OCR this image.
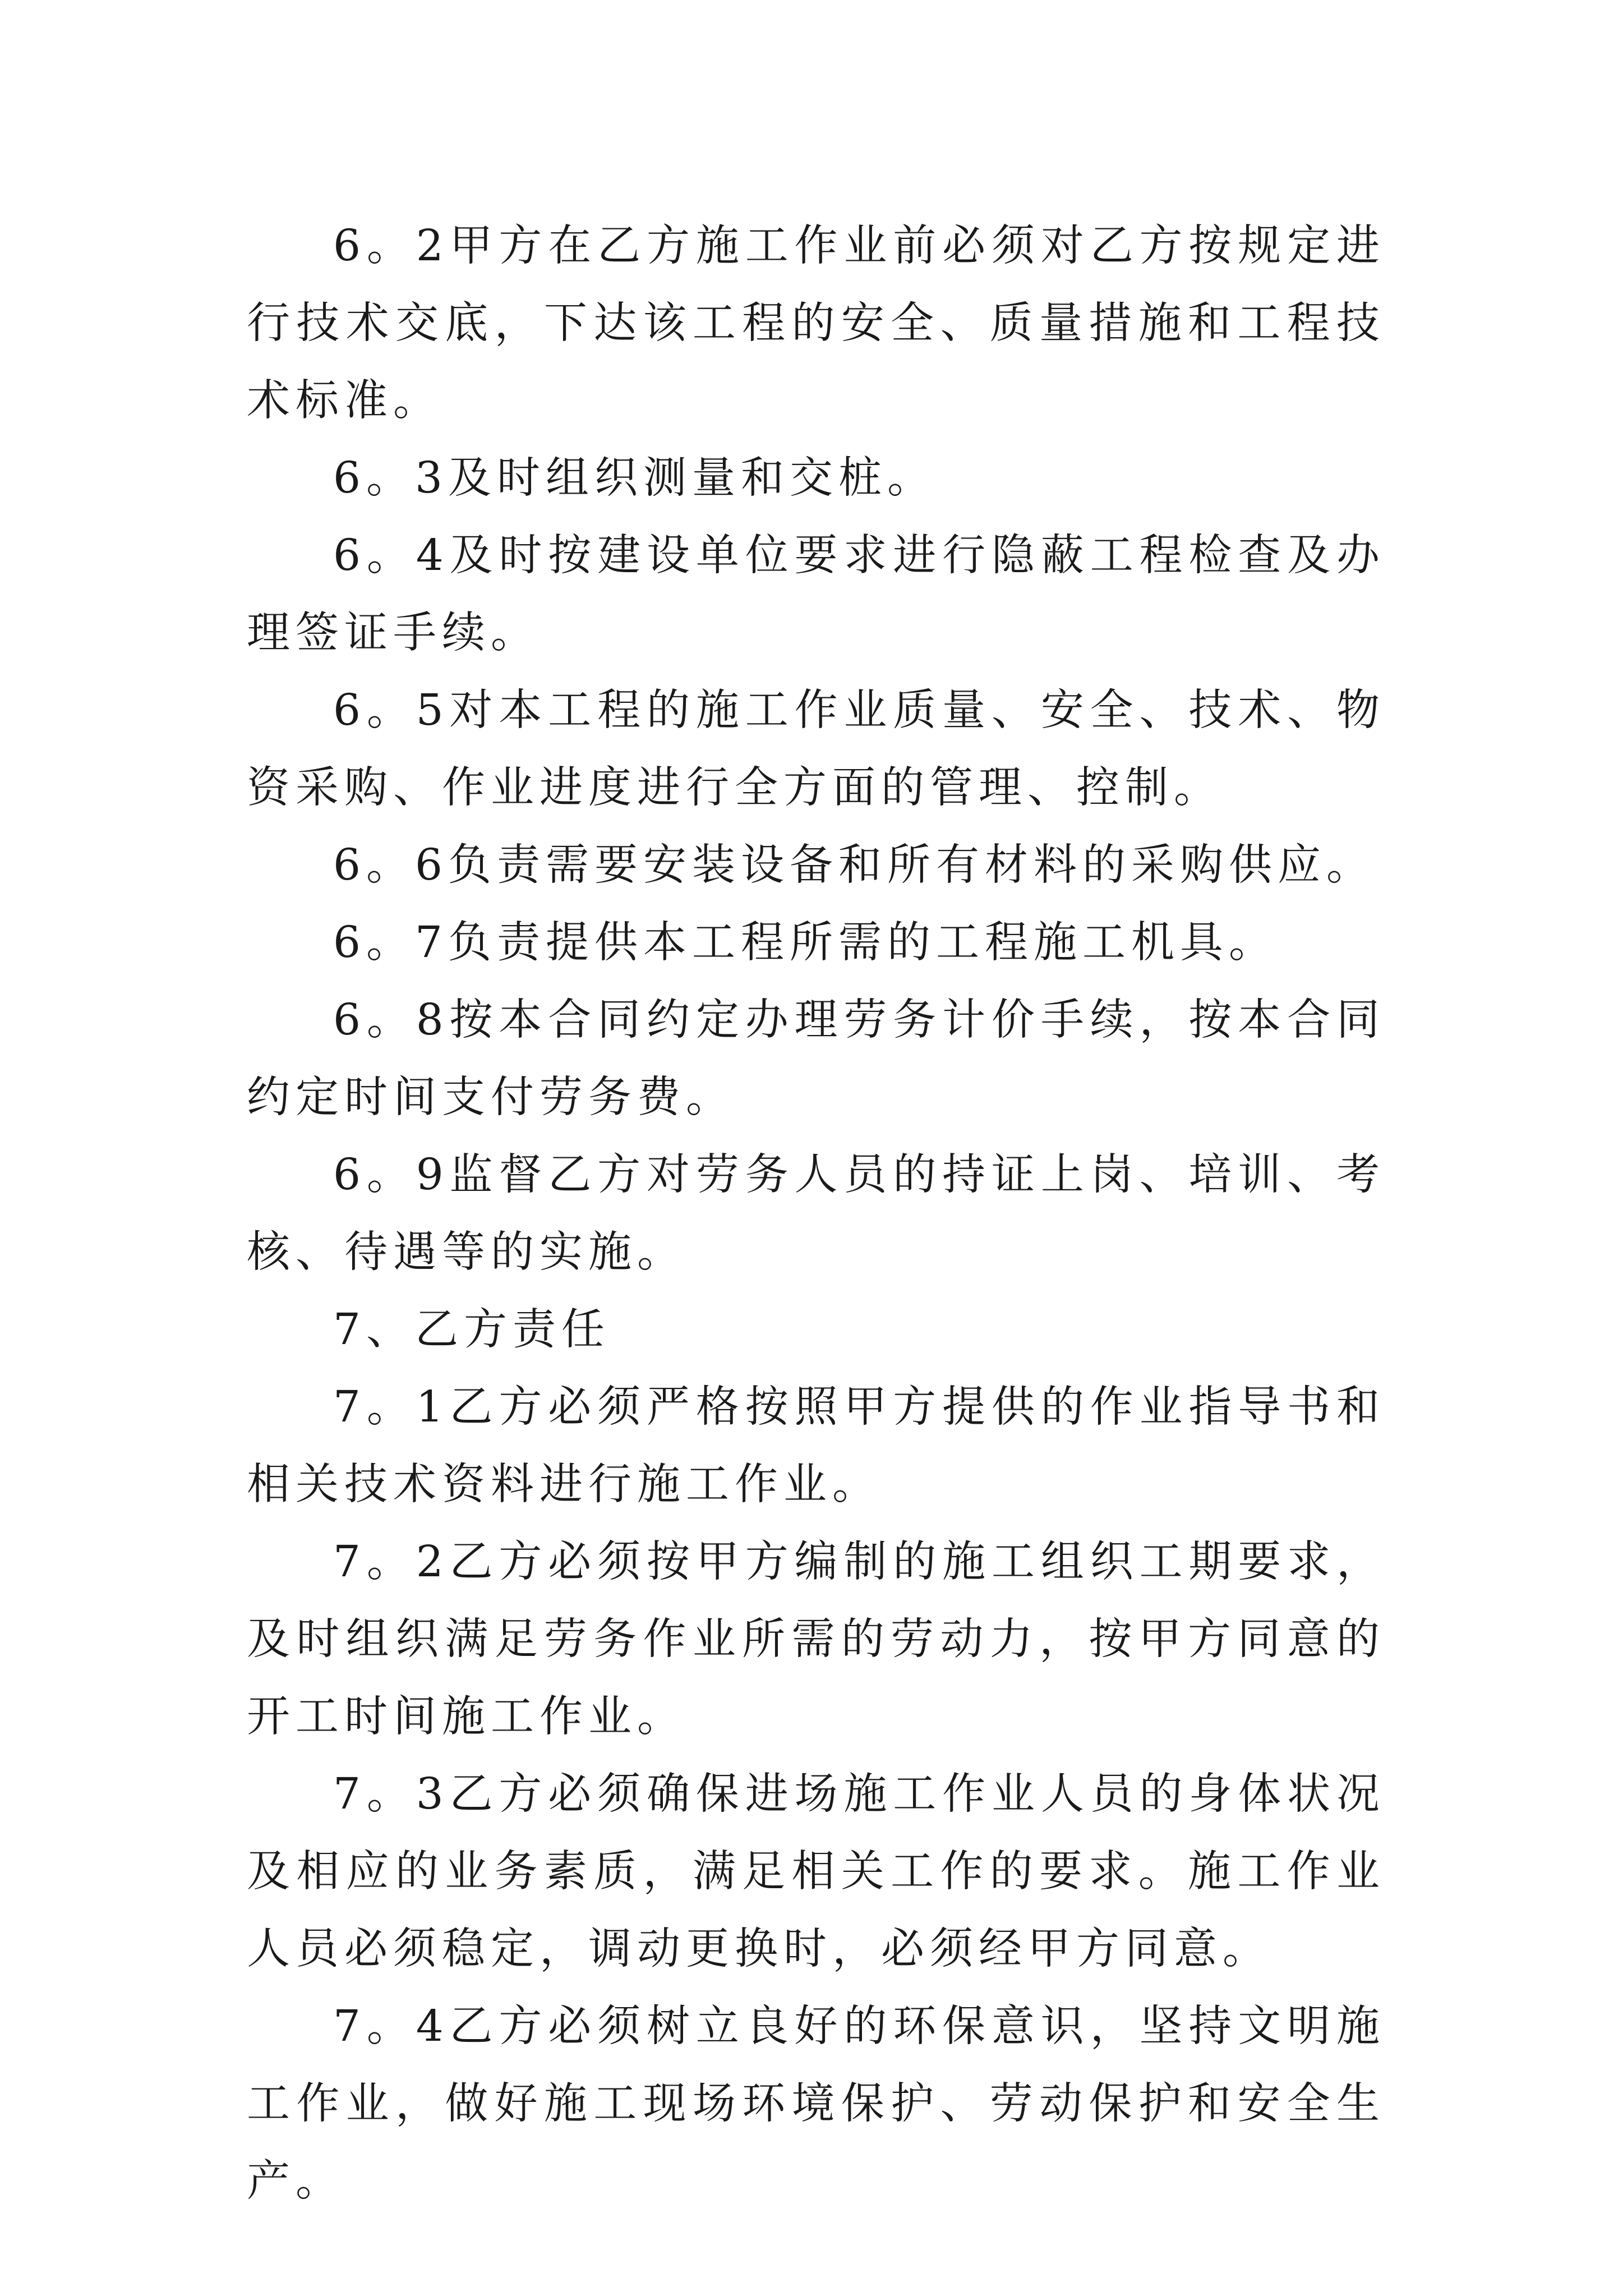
6。2甲方在乙方施工作业前必须对乙方按规定进行技术交底，下达该工程的安全、质量措施和工程技术标准。

6。3及时组织测量和交桩。

6。4及时按建设单位要求进行隐蔽工程检查及办理签证手续。

6。5对本工程的施工作业质量、安全、技术、物资采购、作业进度进行全方面的管理、控制。

6。6负责需要安装设备和所有材料的采购供应。

6。7负责提供本工程所需的工程施工机具。

6。8按本合同约定办理劳务计价手续，按本合同约定时间支付劳务费。

6。9监督乙方对劳务人员的持证上岗、培训、考核、待遇等的实施。

7、乙方责任

7。1乙方必须严格按照甲方提供的作业指导书和相关技术资料进行施工作业。

7。2乙方必须按甲方编制的施工组织工期要求，及时组织满足劳务作业所需的劳动力，按甲方同意的开工时间施工作业。

7。3乙方必须确保进场施工作业人员的身体状况及相应的业务素质，满足相关工作的要求。施工作业人员必须稳定，调动更换时，必须经甲方同意。

7。4乙方必须树立良好的环保意识，坚持文明施工作业，做好施工现场环境保护、劳动保护和安全生产。
